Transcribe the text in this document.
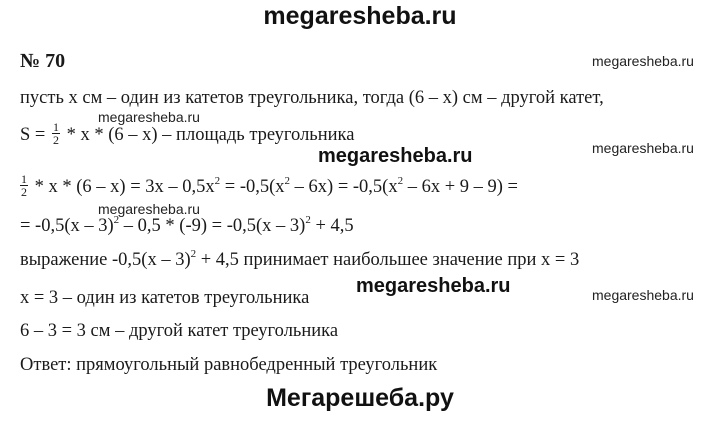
megaresheba.ru
№ 70	megaresheba.ru
пусть x см – один из катетов треугольника, тогда (6 – x) см – другой катет,
$S = \frac{1}{2} * x * (6 - x)$ – площадь треугольника
megaresheba.ru
megaresheba.ru
megaresheba.ru
$\frac{1}{2} * x * (6 - x) = 3x - 0,5x^2 = -0,5(x^2 - 6x) = -0,5(x^2 - 6x + 9 - 9)$ =
megaresheba.ru
= -0,5(x – 3)$^2$ – 0,5 * (-9) = -0,5(x – 3)$^2$ + 4,5
выражение -0,5(x – 3)$^2$ + 4,5 принимает наибольшее значение при x = 3
x = 3 – один из катетов треугольника
megaresheba.ru	megaresheba.ru
6 – 3 = 3 см – другой катет треугольника
Ответ: прямоугольный равнобедренный треугольник
Мегарешеба.ру
